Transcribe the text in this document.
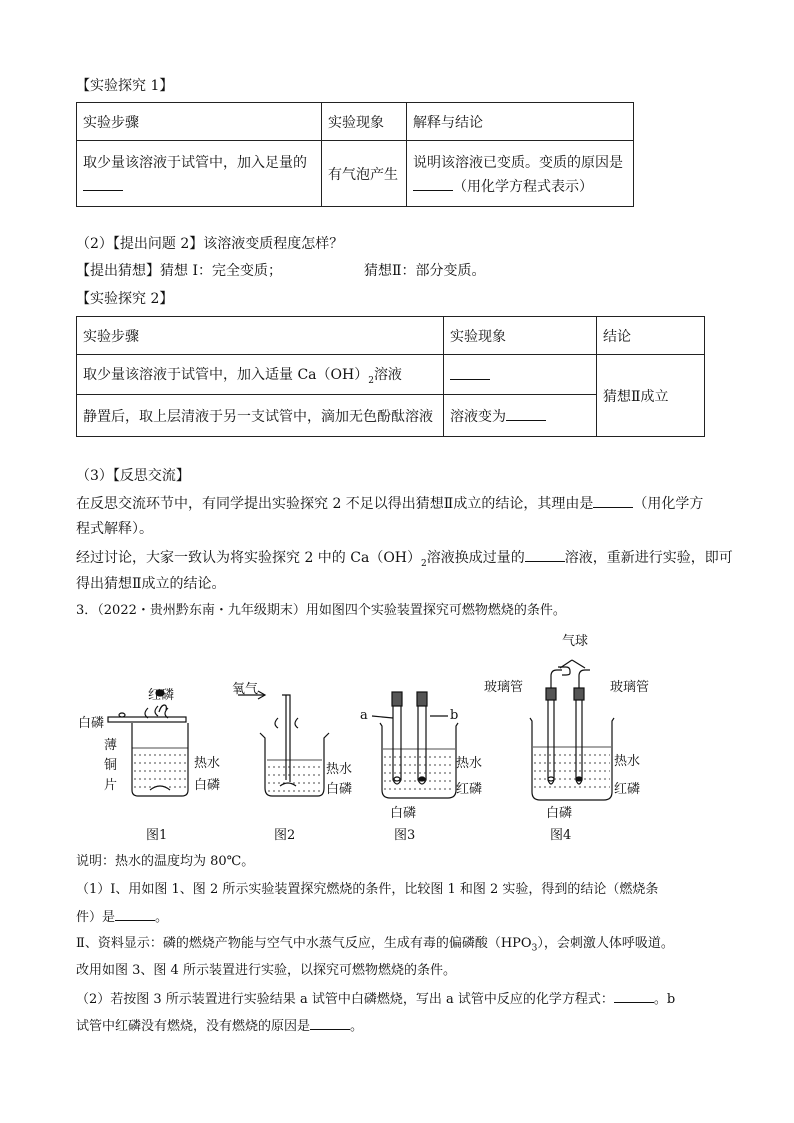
【实验探究 1】
实验步骤	实验现象	解释与结论

取少量该溶液于试管中，加入足量的	有气泡产生	说明该溶液已变质。变质的原因是
（用化学方程式表示）
（2）【提出问题 2】该溶液变质程度怎样？
【提出猜想】猜想 I：完全变质；	猜想Ⅱ：部分变质。
【实验探究 2】
实验步骤	实验现象	结论
取少量该溶液于试管中，加入适量 $Ca(OH)_2$溶液		猜想Ⅱ成立
静置后，取上层清液于另一支试管中，滴加无色酚酞溶液	溶液变为	
（3）【反思交流】
在反思交流环节中，有同学提出实验探究 2 不足以得出猜想Ⅱ成立的结论，其理由是	（用化学方
程式解释）。
经过讨论，大家一致认为将实验探究 2 中的 $Ca(OH)_2$溶液换成过量的	溶液，重新进行实验，即可
得出猜想Ⅱ成立的结论。
3．（2022・贵州黔东南・九年级期末）用如图四个实验装置探究可燃物燃烧的条件。
红磷
白磷
薄
铜
片
热水
白磷
图1
氧气
热水
白磷
图2
a	b
热水
红磷
白磷
图3
气球
玻璃管	玻璃管
热水
红磷
白磷
图4
说明：热水的温度均为 80℃。
（1）Ⅰ、用如图 1、图 2 所示实验装置探究燃烧的条件，比较图 1 和图 2 实验，得到的结论（燃烧条
件）是	。
Ⅱ、资料显示：磷的燃烧产物能与空气中水蒸气反应，生成有毒的偏磷酸$(HPO_3)$，会刺激人体呼吸道。
改用如图 3、图 4 所示装置进行实验，以探究可燃物燃烧的条件。
（2）若按图 3 所示装置进行实验结果 a 试管中白磷燃烧，写出 a 试管中反应的化学方程式：	。b
试管中红磷没有燃烧，没有燃烧的原因是	。
